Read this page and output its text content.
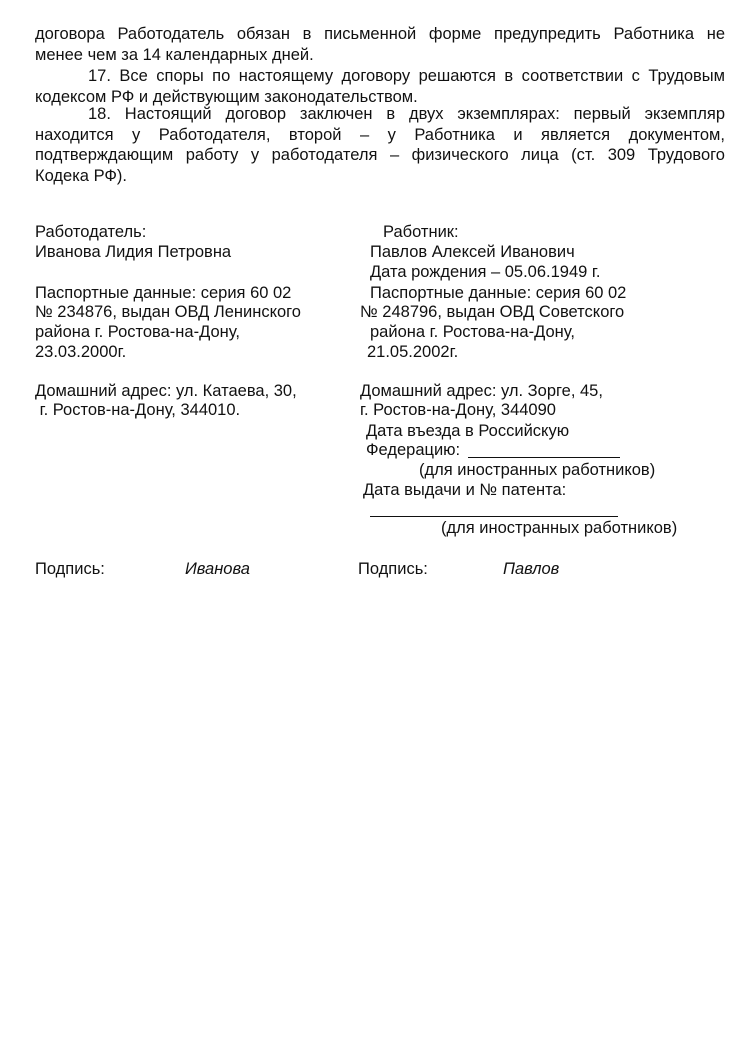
договора Работодатель обязан в письменной форме предупредить Работника не
менее чем за 14 календарных дней.
17. Все споры по настоящему договору решаются в соответствии с Трудовым
кодексом РФ и действующим законодательством.
18. Настоящий договор заключен в двух экземплярах: первый экземпляр
находится у Работодателя, второй – у Работника и является документом,
подтверждающим работу у работодателя – физического лица (ст. 309 Трудового
Кодека РФ).
Работодатель:
Иванова Лидия Петровна
Паспортные данные: серия 60 02
№ 234876, выдан ОВД Ленинского
района г. Ростова-на-Дону,
23.03.2000г.
Домашний адрес: ул. Катаева, 30,
г. Ростов-на-Дону, 344010.
Подпись:	Иванова
Работник:
Павлов Алексей Иванович
Дата рождения – 05.06.1949 г.
Паспортные данные: серия 60 02
№ 248796, выдан ОВД Советского
района г. Ростова-на-Дону,
21.05.2002г.
Домашний адрес: ул. Зорге, 45,
г. Ростов-на-Дону, 344090
Дата въезда в Российскую
Федерацию:
(для иностранных работников)
Дата выдачи и № патента:
(для иностранных работников)
Подпись:	Павлов
